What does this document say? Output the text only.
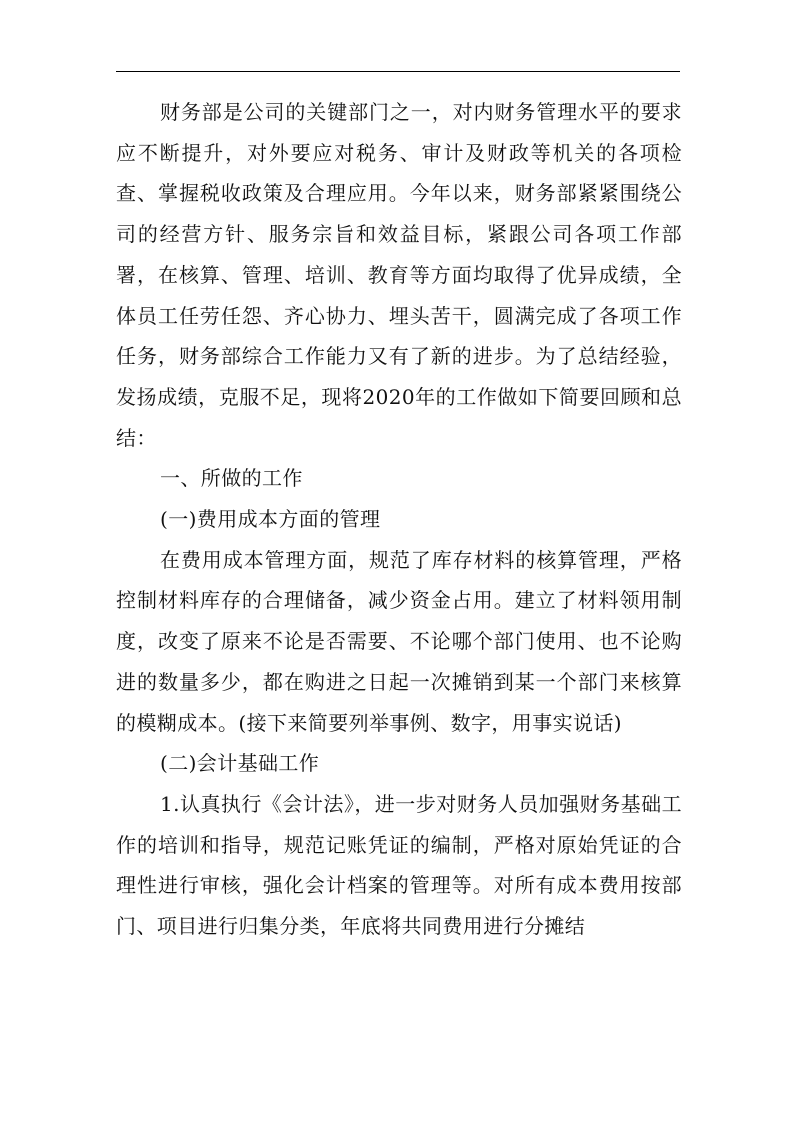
财务部是公司的关键部门之一，对内财务管理水平的要求应不断提升，对外要应对税务、审计及财政等机关的各项检查、掌握税收政策及合理应用。今年以来，财务部紧紧围绕公司的经营方针、服务宗旨和效益目标，紧跟公司各项工作部署，在核算、管理、培训、教育等方面均取得了优异成绩，全体员工任劳任怨、齐心协力、埋头苦干，圆满完成了各项工作任务，财务部综合工作能力又有了新的进步。为了总结经验，发扬成绩，克服不足，现将2020年的工作做如下简要回顾和总结：

一、所做的工作

(一)费用成本方面的管理

在费用成本管理方面，规范了库存材料的核算管理，严格控制材料库存的合理储备，减少资金占用。建立了材料领用制度，改变了原来不论是否需要、不论哪个部门使用、也不论购进的数量多少，都在购进之日起一次摊销到某一个部门来核算的模糊成本。(接下来简要列举事例、数字，用事实说话)

(二)会计基础工作

1.认真执行《会计法》，进一步对财务人员加强财务基础工作的培训和指导，规范记账凭证的编制，严格对原始凭证的合理性进行审核，强化会计档案的管理等。对所有成本费用按部门、项目进行归集分类，年底将共同费用进行分摊结
